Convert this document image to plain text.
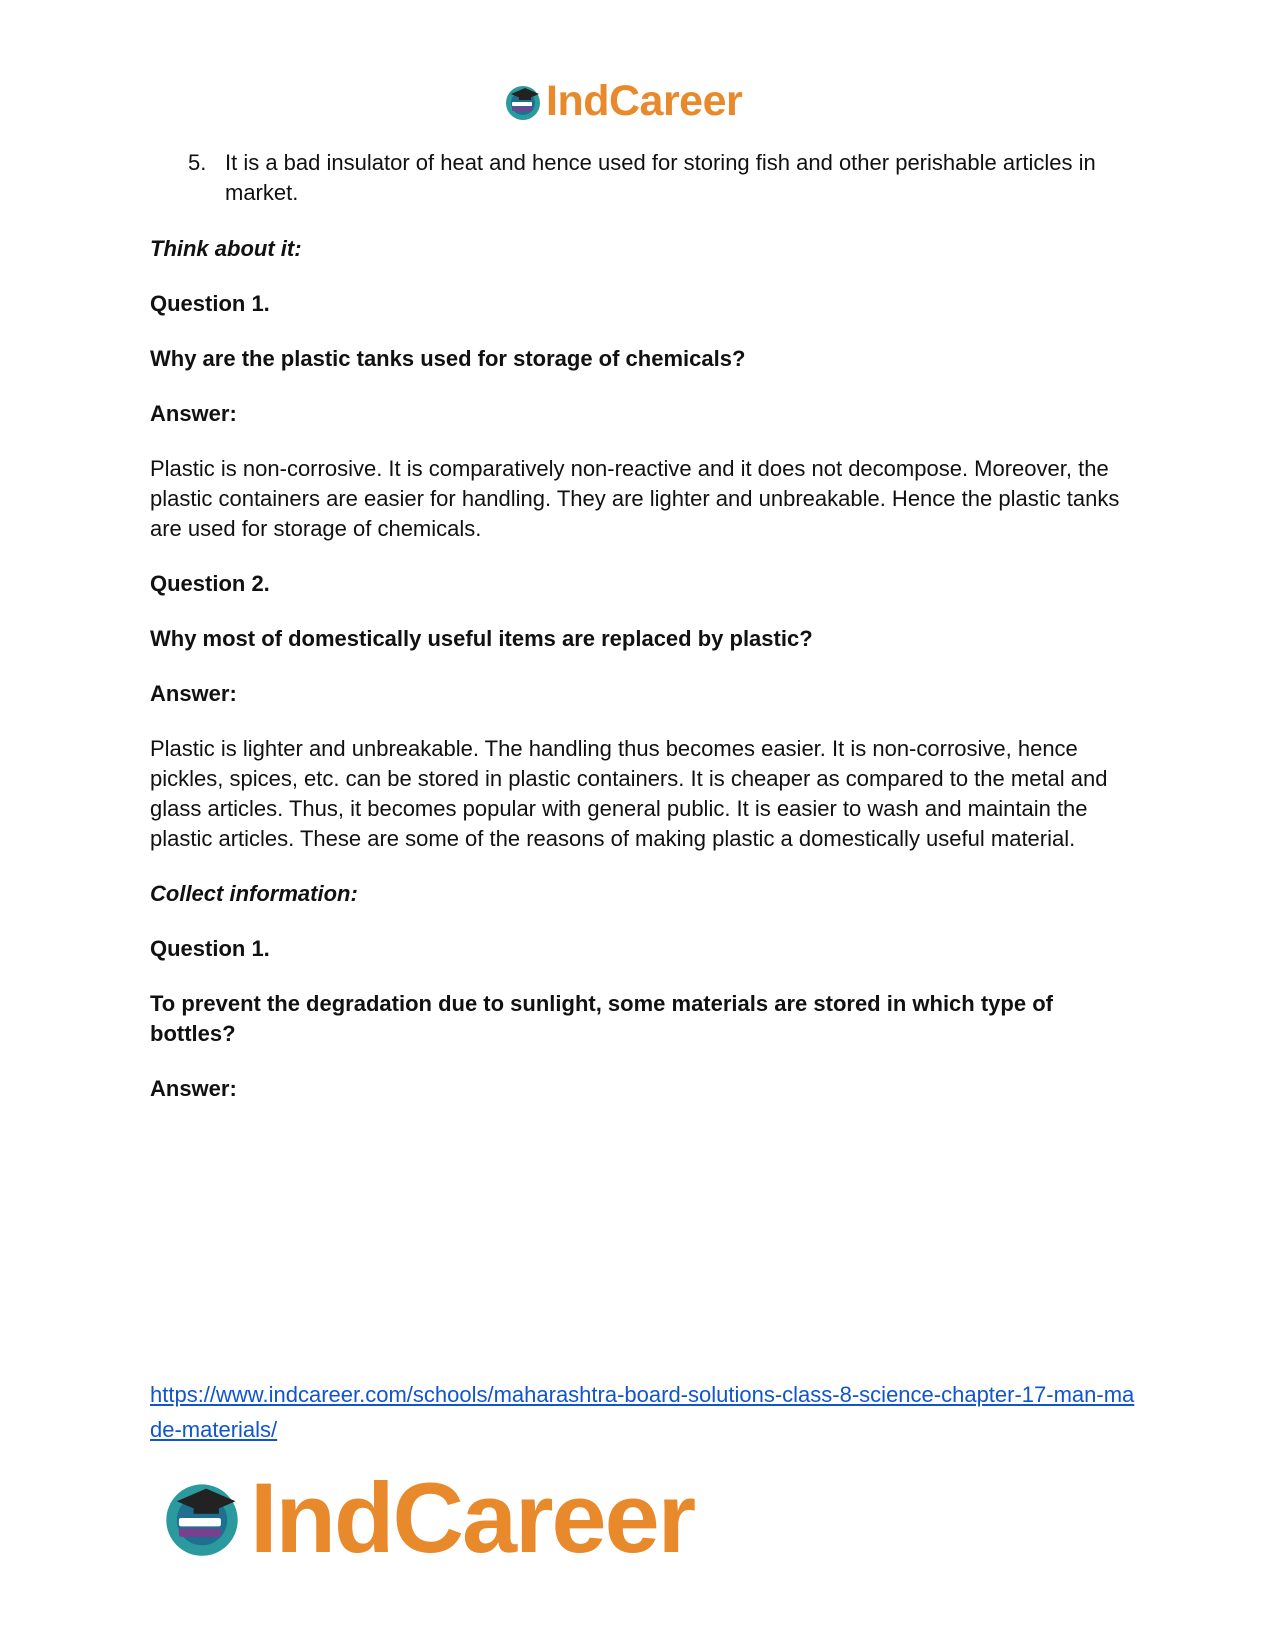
IndCareer
5. It is a bad insulator of heat and hence used for storing fish and other perishable articles in market.

Think about it:

Question 1.

Why are the plastic tanks used for storage of chemicals?

Answer:

Plastic is non-corrosive. It is comparatively non-reactive and it does not decompose. Moreover, the plastic containers are easier for handling. They are lighter and unbreakable. Hence the plastic tanks are used for storage of chemicals.

Question 2.

Why most of domestically useful items are replaced by plastic?

Answer:

Plastic is lighter and unbreakable. The handling thus becomes easier. It is non-corrosive, hence pickles, spices, etc. can be stored in plastic containers. It is cheaper as compared to the metal and glass articles. Thus, it becomes popular with general public. It is easier to wash and maintain the plastic articles. These are some of the reasons of making plastic a domestically useful material.

Collect information:

Question 1.

To prevent the degradation due to sunlight, some materials are stored in which type of bottles?

Answer:

https://www.indcareer.com/schools/maharashtra-board-solutions-class-8-science-chapter-17-man-made-materials/
IndCareer
